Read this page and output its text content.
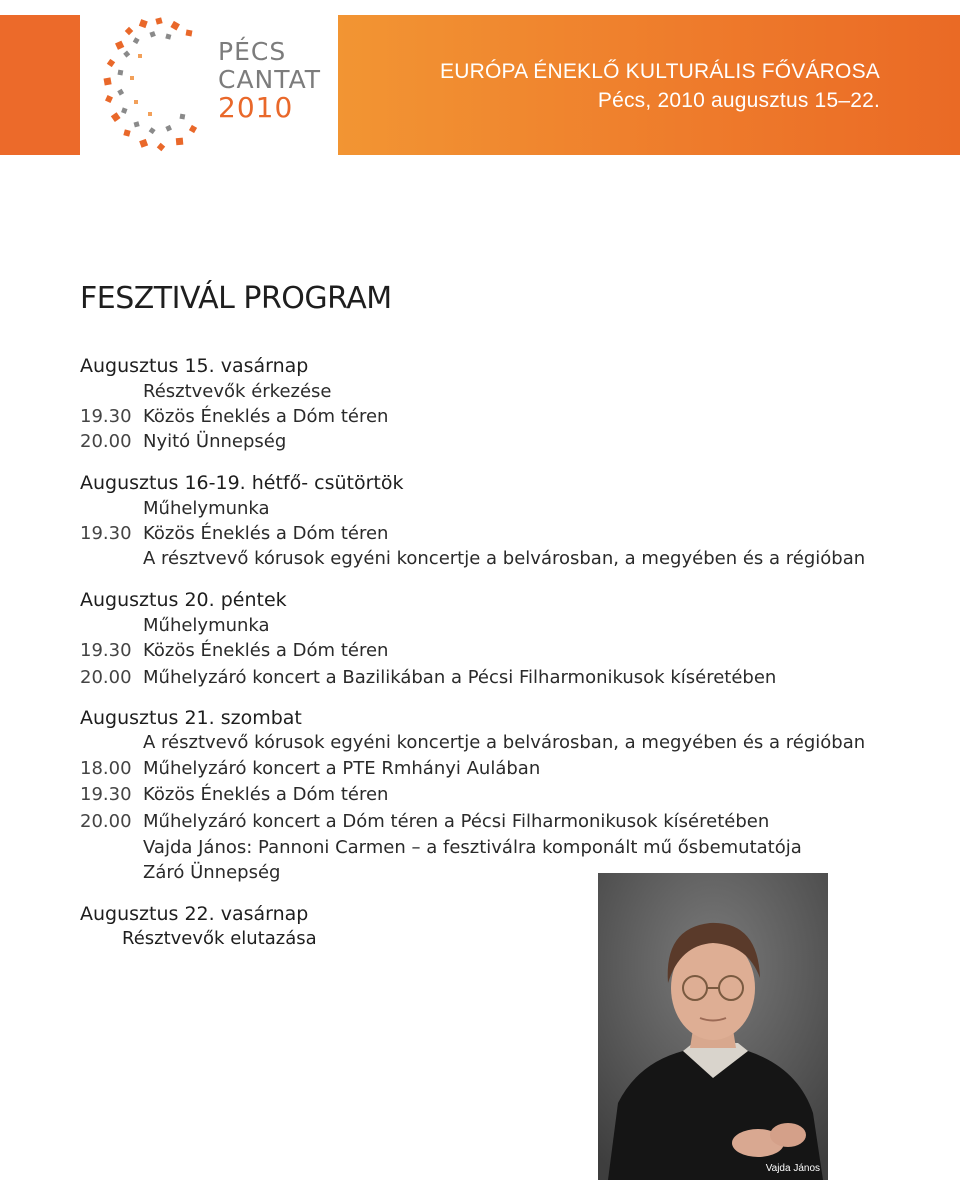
PÉCS
CANTAT
2010
EURÓPA ÉNEKLŐ KULTURÁLIS FŐVÁROSA
Pécs, 2010 augusztus 15–22.
FESZTIVÁL PROGRAM
Augusztus 15. vasárnap
Résztvevők érkezése
19.30 Közös Éneklés a Dóm téren
20.00 Nyitó Ünnepség
Augusztus 16-19. hétfő- csütörtök
Műhelymunka
19.30 Közös Éneklés a Dóm téren
A résztvevő kórusok egyéni koncertje a belvárosban, a megyében és a régióban
Augusztus 20. péntek
Műhelymunka
19.30 Közös Éneklés a Dóm téren
20.00 Műhelyzáró koncert a Bazilikában a Pécsi Filharmonikusok kíséretében
Augusztus 21. szombat
A résztvevő kórusok egyéni koncertje a belvárosban, a megyében és a régióban
18.00 Műhelyzáró koncert a PTE Rmhányi Aulában
19.30 Közös Éneklés a Dóm téren
20.00 Műhelyzáró koncert a Dóm téren a Pécsi Filharmonikusok kíséretében
Vajda János: Pannoni Carmen – a fesztiválra komponált mű ősbemutatója
Záró Ünnepség
Augusztus 22. vasárnap
Résztvevők elutazása
Vajda János
